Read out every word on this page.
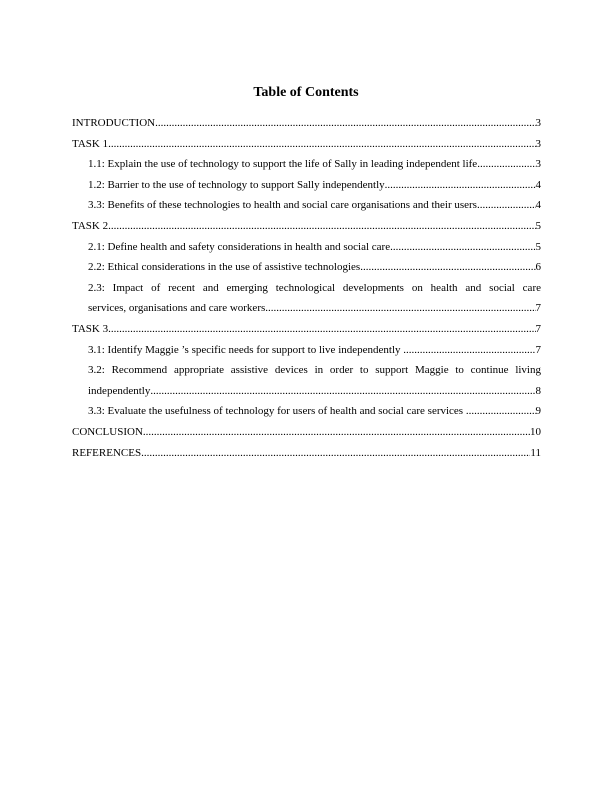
Table of Contents
INTRODUCTION .....	3
TASK 1 .....	3
1.1: Explain the use of technology to support the life of Sally in leading independent life .....	3
1.2: Barrier to the use of technology to support Sally independently .....	4
3.3: Benefits of these technologies to health and social care organisations and their users .....	4
TASK 2 .....	5
2.1: Define health and safety considerations in health and social care .....	5
2.2: Ethical considerations in the use of assistive technologies .....	6
2.3: Impact of recent and emerging technological developments on health and social care
services, organisations and care workers .....	7
TASK 3 .....	7
3.1: Identify Maggie ’s specific needs for support to live independently .....	7
3.2: Recommend appropriate assistive devices in order to support Maggie to continue living
independently .....	8
3.3: Evaluate the usefulness of technology for users of health and social care services .....	9
CONCLUSION .....	10
REFERENCES .....	11
